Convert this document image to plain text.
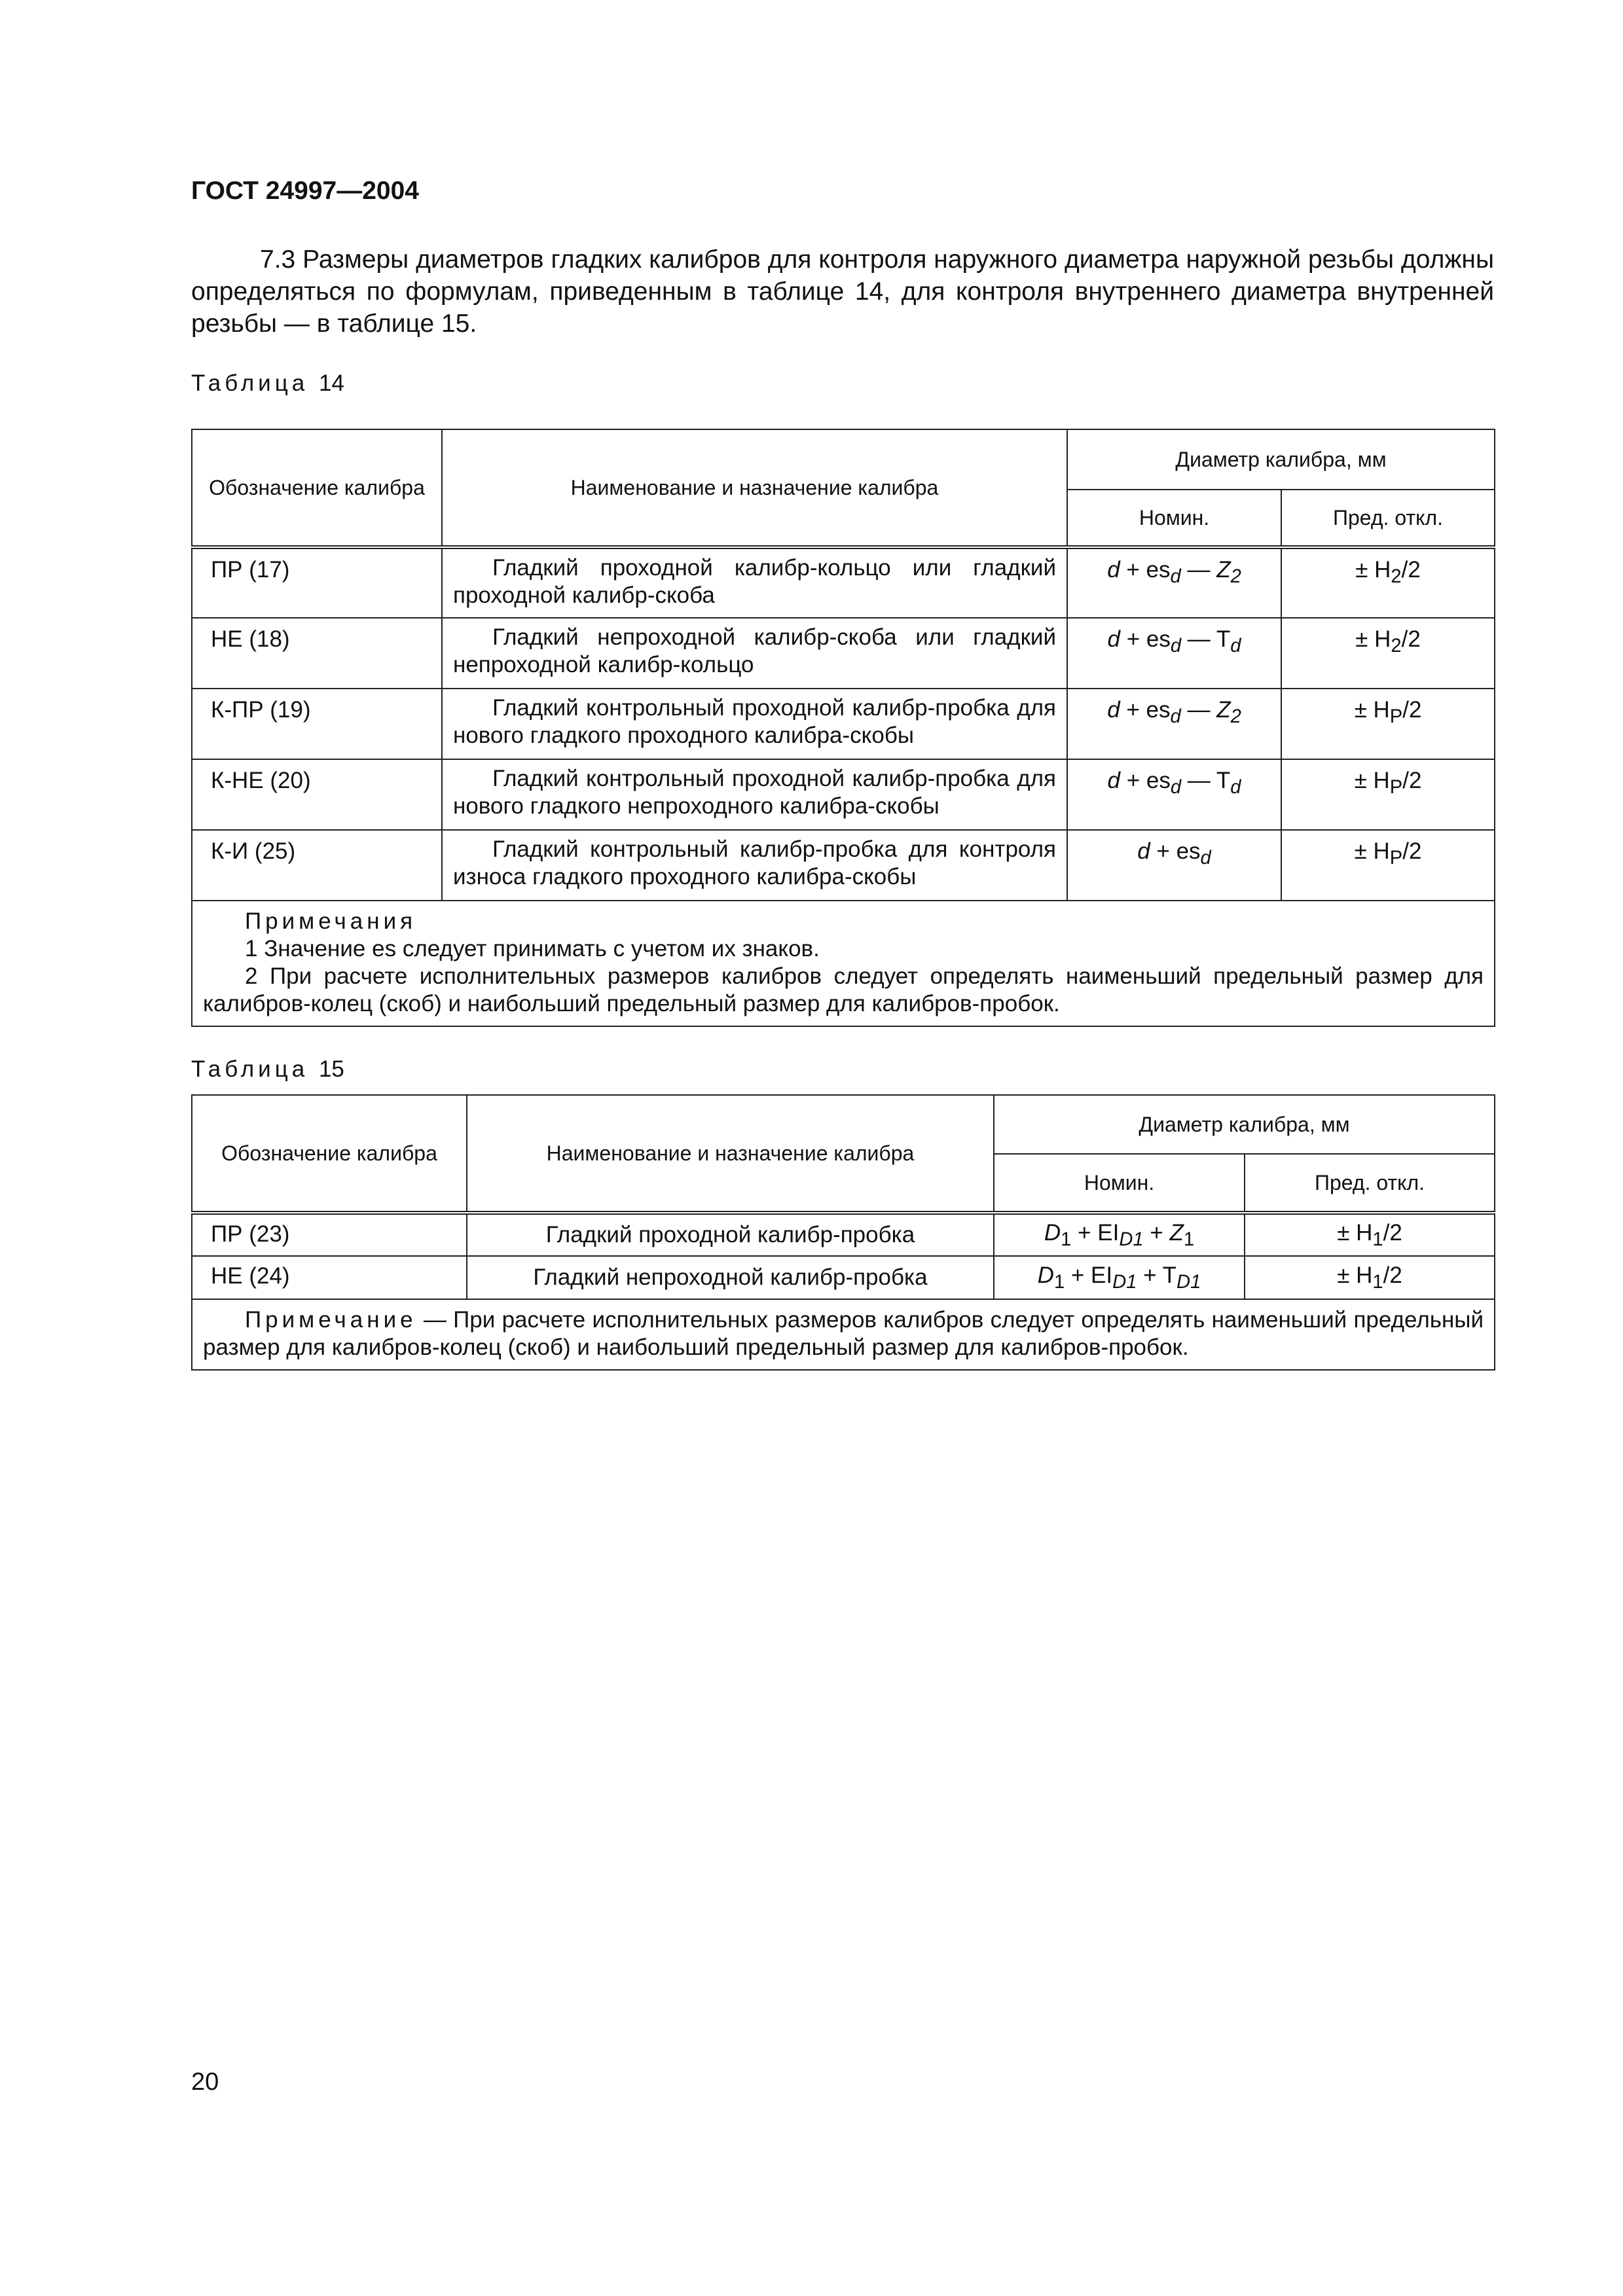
ГОСТ 24997—2004

7.3 Размеры диаметров гладких калибров для контроля наружного диаметра наружной резьбы должны определяться по формулам, приведенным в таблице 14, для контроля внутреннего диаметра внутренней резьбы — в таблице 15.

Таблица 14

Обозначение калибра	Наименование и назначение калибра	Диаметр калибра, мм	
		Номин.	Пред. откл.
ПР (17)	Гладкий проходной калибр-кольцо или гладкий проходной калибр-скоба	$d + es_d$ — $Z_2$	± $H_2/2$
НЕ (18)	Гладкий непроходной калибр-скоба или гладкий непроходной калибр-кольцо	$d + es_d$ — $T_d$	± $H_2/2$
К-ПР (19)	Гладкий контрольный проходной калибр-пробка для нового гладкого проходного калибра-скобы	$d + es_d$ — $Z_2$	± $H_P/2$
К-НЕ (20)	Гладкий контрольный проходной калибр-пробка для нового гладкого непроходного калибра-скобы	$d + es_d$ — $T_d$	± $H_P/2$
К-И (25)	Гладкий контрольный калибр-пробка для контроля износа гладкого проходного калибра-скобы	$d + es_d$	± $H_P/2$

Примечания
1 Значение es следует принимать с учетом их знаков.
2 При расчете исполнительных размеров калибров следует определять наименьший предельный размер для калибров-колец (скоб) и наибольший предельный размер для калибров-пробок.			

Таблица 15

Обозначение калибра	Наименование и назначение калибра	Диаметр калибра, мм	
		Номин.	Пред. откл.
ПР (23)	Гладкий проходной калибр-пробка	$D_1 + EI_{D1} + Z_1$	± $H_1/2$
НЕ (24)	Гладкий непроходной калибр-пробка	$D_1 + EI_{D1} + T_{D1}$	± $H_1/2$
Примечание — При расчете исполнительных размеров калибров следует определять наименьший предельный размер для калибров-колец (скоб) и наибольший предельный размер для калибров-пробок.			

20
